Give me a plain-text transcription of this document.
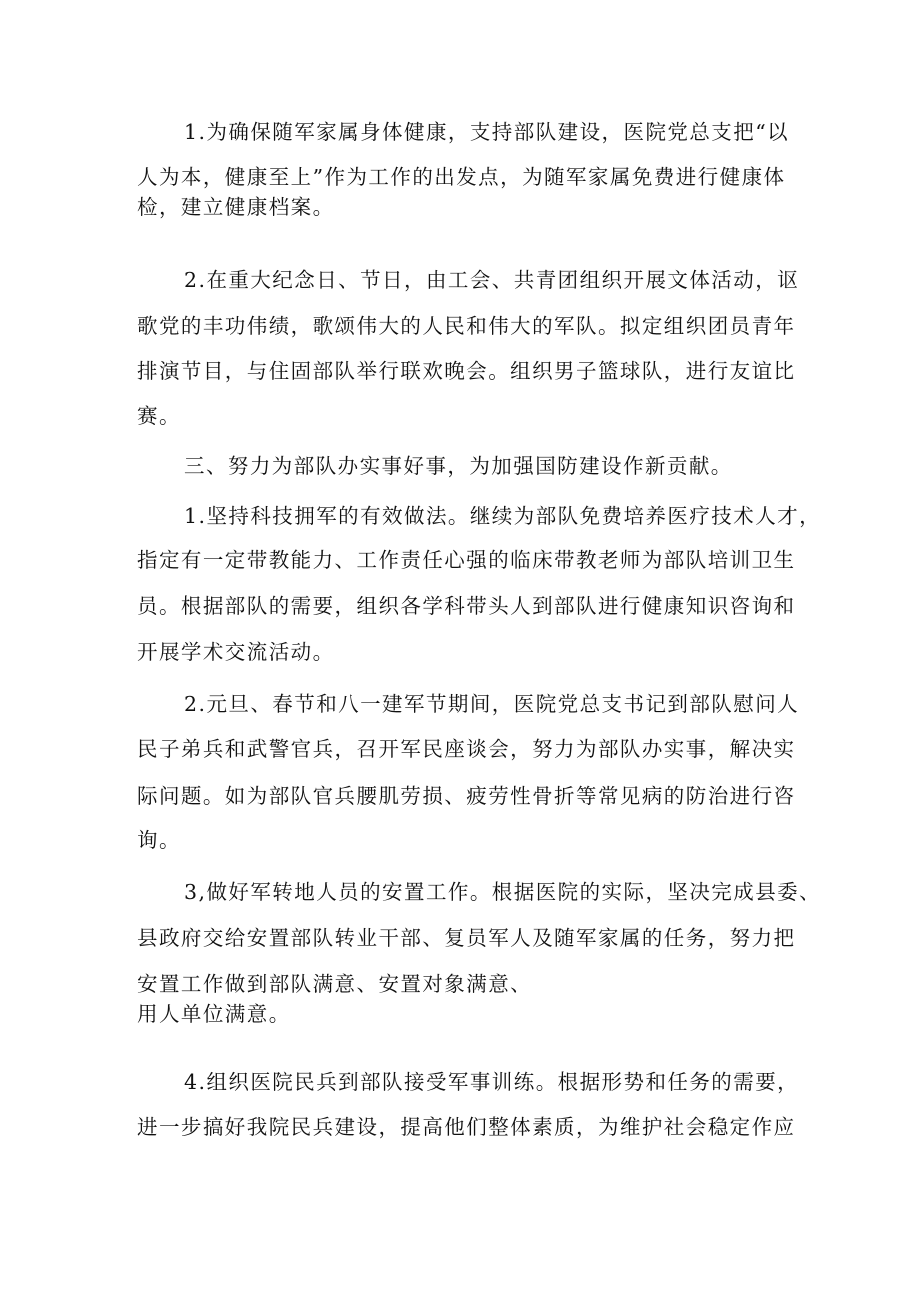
1.为确保随军家属身体健康，支持部队建设，医院党总支把“以
人为本，健康至上”作为工作的出发点，为随军家属免费进行健康体
检，建立健康档案。
2.在重大纪念日、节日，由工会、共青团组织开展文体活动，讴
歌党的丰功伟绩，歌颂伟大的人民和伟大的军队。拟定组织团员青年
排演节目，与住固部队举行联欢晚会。组织男子篮球队，进行友谊比
赛。
三、努力为部队办实事好事，为加强国防建设作新贡献。
1.坚持科技拥军的有效做法。继续为部队免费培养医疗技术人才，
指定有一定带教能力、工作责任心强的临床带教老师为部队培训卫生
员。根据部队的需要，组织各学科带头人到部队进行健康知识咨询和
开展学术交流活动。
2.元旦、春节和八一建军节期间，医院党总支书记到部队慰问人
民子弟兵和武警官兵，召开军民座谈会，努力为部队办实事，解决实
际问题。如为部队官兵腰肌劳损、疲劳性骨折等常见病的防治进行咨
询。
3,做好军转地人员的安置工作。根据医院的实际，坚决完成县委、
县政府交给安置部队转业干部、复员军人及随军家属的任务，努力把
安置工作做到部队满意、安置对象满意、
用人单位满意。
4.组织医院民兵到部队接受军事训练。根据形势和任务的需要，
进一步搞好我院民兵建设，提高他们整体素质，为维护社会稳定作应
